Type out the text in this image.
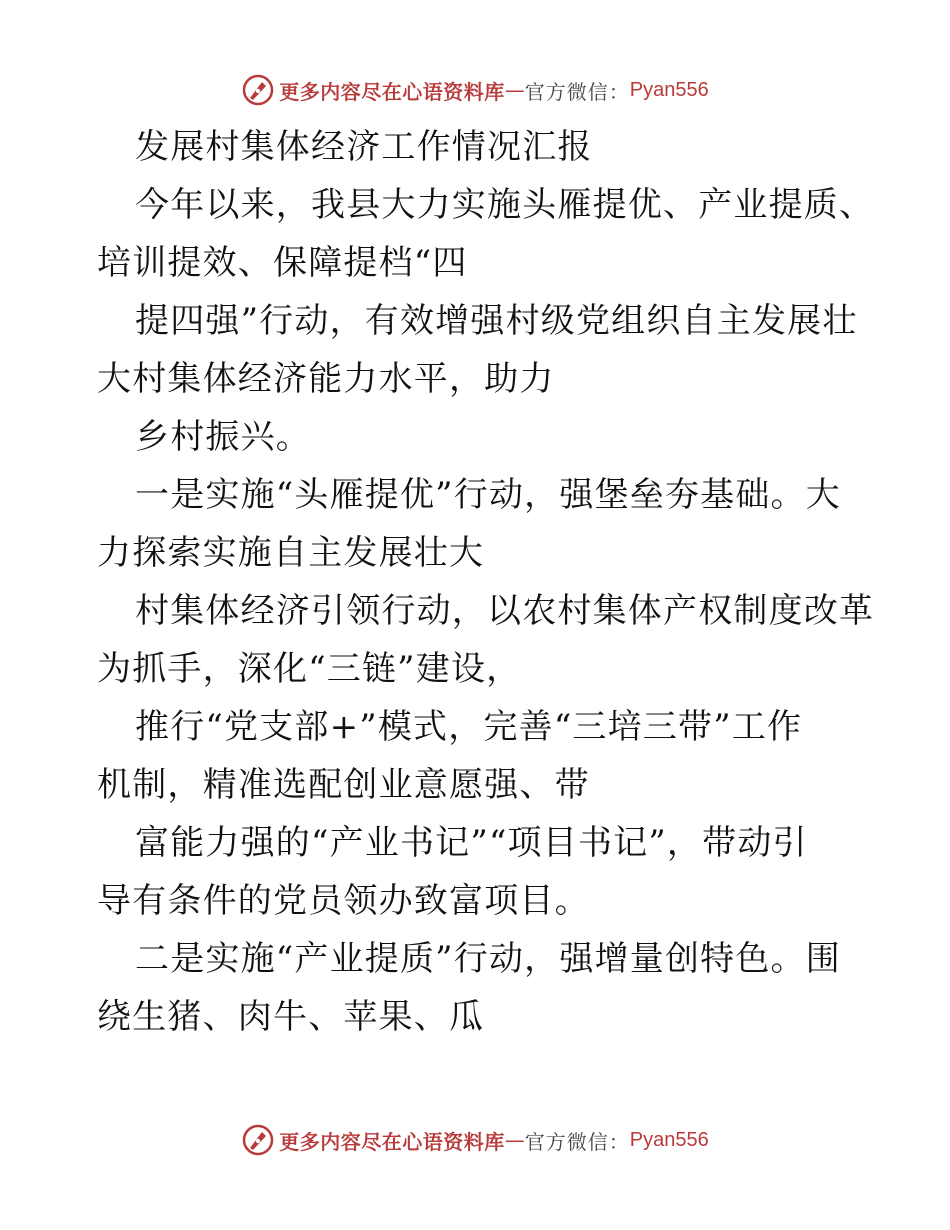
更多内容尽在心语资料库 — 官方微信： Pyan556
发展村集体经济工作情况汇报
今年以来，我县大力实施头雁提优、产业提质、
培训提效、保障提档“四
提四强”行动，有效增强村级党组织自主发展壮
大村集体经济能力水平，助力
乡村振兴。
一是实施“头雁提优”行动，强堡垒夯基础。大
力探索实施自主发展壮大
村集体经济引领行动，以农村集体产权制度改革
为抓手，深化“三链”建设，
推行“党支部+”模式，完善“三培三带”工作
机制，精准选配创业意愿强、带
富能力强的“产业书记”“项目书记”，带动引
导有条件的党员领办致富项目。
二是实施“产业提质”行动，强增量创特色。围
绕生猪、肉牛、苹果、瓜
更多内容尽在心语资料库 — 官方微信： Pyan556
